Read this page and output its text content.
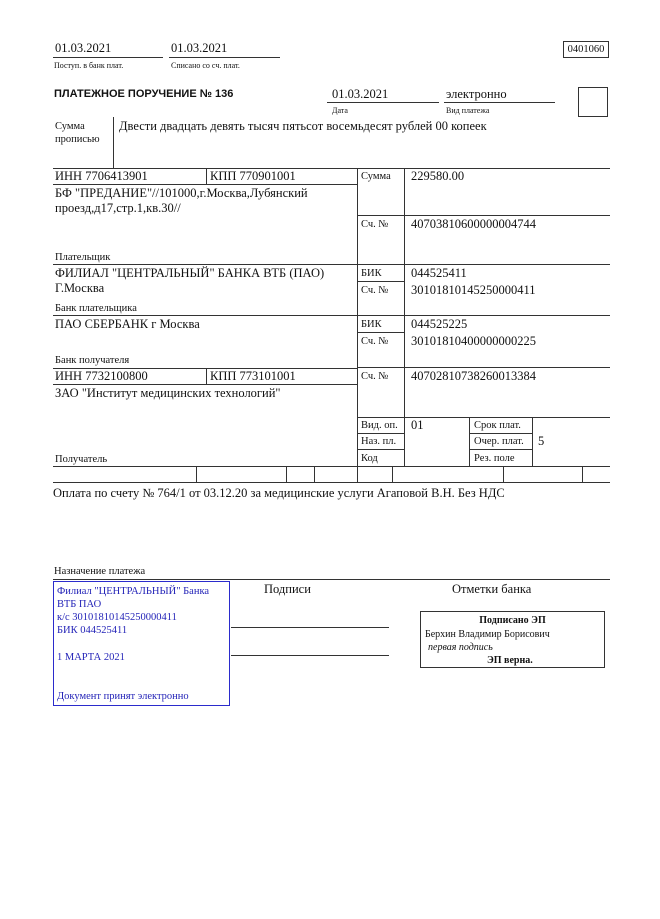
01.03.2021
Поступ. в банк плат.
01.03.2021
Списано со сч. плат.
0401060
ПЛАТЕЖНОЕ ПОРУЧЕНИЕ № 136	01.03.2021
Дата
электронно
Вид платежа
Сумма
прописью
Двести двадцать девять тысяч пятьсот восемьдесят рублей 00 копеек
ИНН 7706413901	КПП 770901001
БФ "ПРЕДАНИЕ"//101000,г.Москва,Лубянский
проезд,д17,стр.1,кв.30//
Плательщик
Сумма 229580.00
Сч. № 40703810600000004744
ФИЛИАЛ "ЦЕНТРАЛЬНЫЙ" БАНКА ВТБ (ПАО)
Г.Москва
Банк плательщика
БИК 044525411
Сч. № 30101810145250000411
ПАО СБЕРБАНК г Москва
Банк получателя
БИК 044525225
Сч. № 30101810400000000225
ИНН 7732100800	КПП 773101001
ЗАО "Институт медицинских технологий"
Получатель
Сч. № 40702810738260013384
Вид. оп. 01
Наз. пл.
Код
Срок плат.
Очер. плат. 5
Рез. поле
Оплата по счету № 764/1 от 03.12.20 за медицинские услуги Агаповой В.Н. Без НДС
Назначение платежа
Подписи	Отметки банка
Филиал "ЦЕНТРАЛЬНЫЙ" Банка
ВТБ ПАО
к/с 30101810145250000411
БИК 044525411
1 МАРТА 2021
Документ принят электронно
Подписано ЭП
Берхин Владимир Борисович
первая подпись
ЭП верна.
